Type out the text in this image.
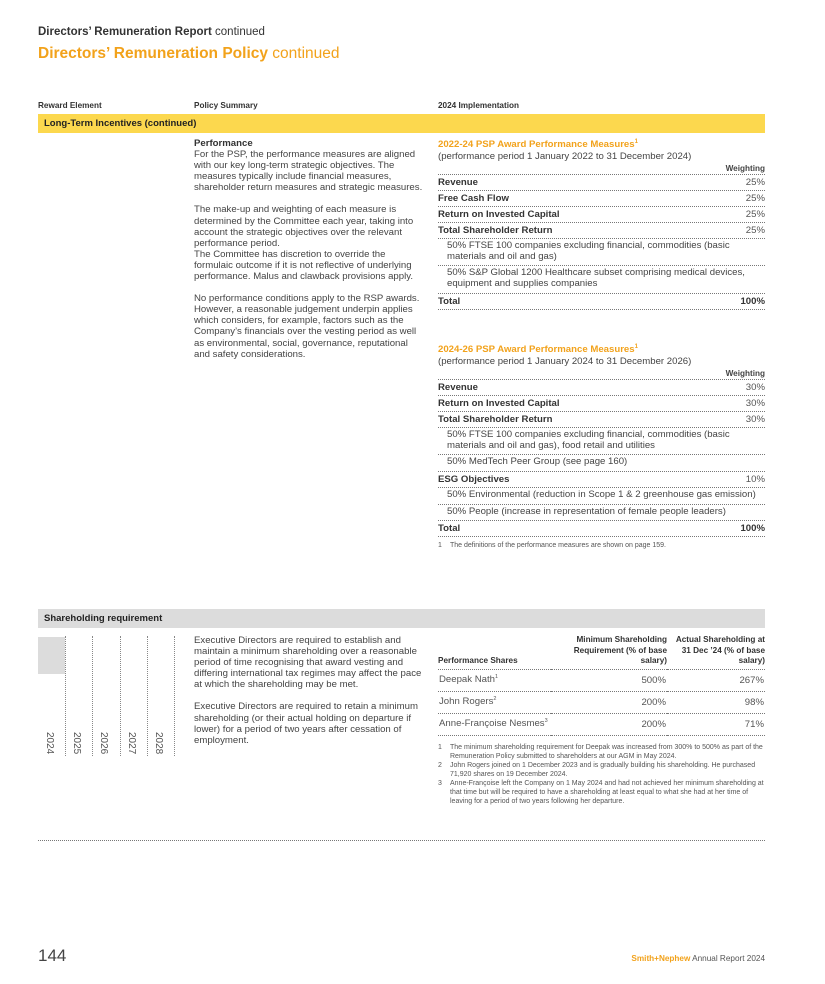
Directors’ Remuneration Report continued
Directors’ Remuneration Policy continued
Reward Element	Policy Summary	2024 Implementation
Long-Term Incentives (continued)

Performance
For the PSP, the performance measures are aligned with our key long-term strategic objectives. The measures typically include financial measures, shareholder return measures and strategic measures.

The make-up and weighting of each measure is determined by the Committee each year, taking into account the strategic objectives over the relevant performance period.
The Committee has discretion to override the formulaic outcome if it is not reflective of underlying performance. Malus and clawback provisions apply.

No performance conditions apply to the RSP awards. However, a reasonable judgement underpin applies which considers, for example, factors such as the Company’s financials over the vesting period as well as environmental, social, governance, reputational and safety considerations.

2022-24 PSP Award Performance Measures$^1$
(performance period 1 January 2022 to 31 December 2024)
Weighting
Revenue	25%
Free Cash Flow	25%
Return on Invested Capital	25%
Total Shareholder Return	25%
50% FTSE 100 companies excluding financial, commodities (basic materials and oil and gas)
50% S&P Global 1200 Healthcare subset comprising medical devices, equipment and supplies companies
Total	100%
2024-26 PSP Award Performance Measures$^1$
(performance period 1 January 2024 to 31 December 2026)
Weighting
Revenue	30%
Return on Invested Capital	30%
Total Shareholder Return	30%
50% FTSE 100 companies excluding financial, commodities (basic materials and oil and gas), food retail and utilities
50% MedTech Peer Group (see page 160)
ESG Objectives	10%
50% Environmental (reduction in Scope 1 & 2 greenhouse gas emission)
50% People (increase in representation of female people leaders)
Total	100%
1	The definitions of the performance measures are shown on page 159.
Shareholding requirement
2024 2025 2026 2027 2028

Executive Directors are required to establish and maintain a minimum shareholding over a reasonable period of time recognising that award vesting and differing international tax regimes may affect the pace at which the shareholding may be met.

Executive Directors are required to retain a minimum shareholding (or their actual holding on departure if lower) for a period of two years after cessation of employment.

Performance Shares	Minimum Shareholding Requirement (% of base salary)	Actual Shareholding at 31 Dec ’24 (% of base salary)
Deepak Nath$^1$	500%	267%
John Rogers$^2$	200%	98%
Anne-Françoise Nesmes$^3$	200%	71%
1	The minimum shareholding requirement for Deepak was increased from 300% to 500% as part of the Remuneration Policy submitted to shareholders at our AGM in May 2024.
2	John Rogers joined on 1 December 2023 and is gradually building his shareholding. He purchased 71,920 shares on 19 December 2024.
3	Anne-Françoise left the Company on 1 May 2024 and had not achieved her minimum shareholding at that time but will be required to have a shareholding at least equal to what she had at her time of leaving for a period of two years following her departure.
144	Smith+Nephew Annual Report 2024
